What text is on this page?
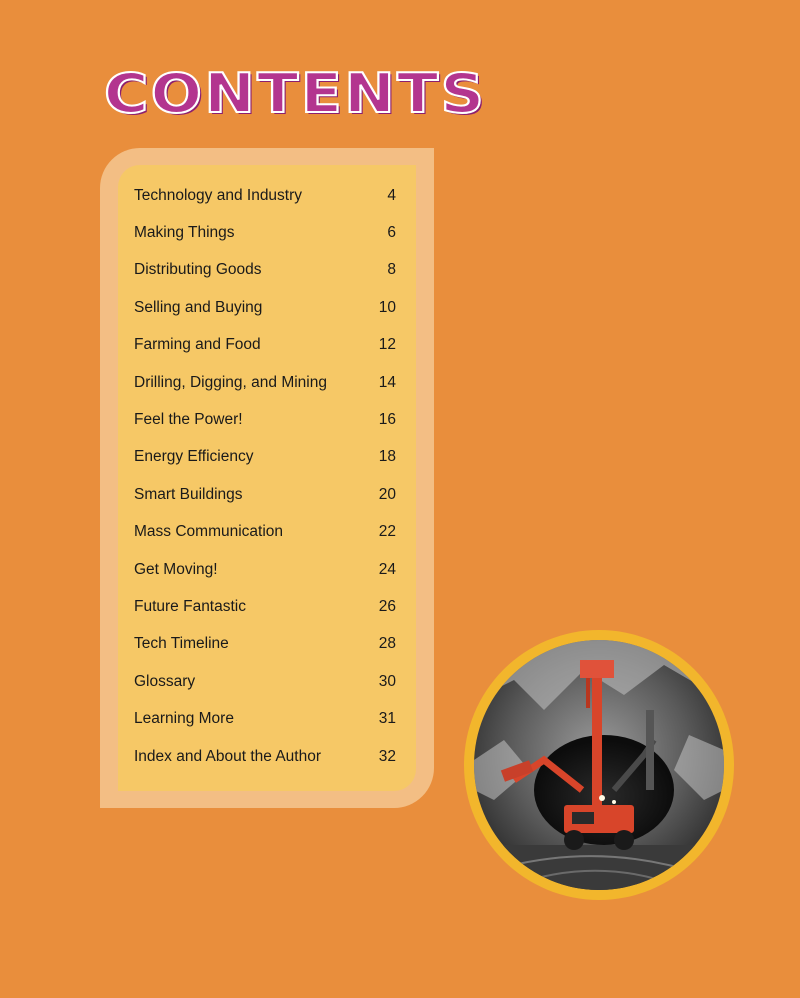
CONTENTS
Technology and Industry	4
Making Things	6
Distributing Goods	8
Selling and Buying	10
Farming and Food	12
Drilling, Digging, and Mining	14
Feel the Power!	16
Energy Efficiency	18
Smart Buildings	20
Mass Communication	22
Get Moving!	24
Future Fantastic	26
Tech Timeline	28
Glossary	30
Learning More	31
Index and About the Author	32
